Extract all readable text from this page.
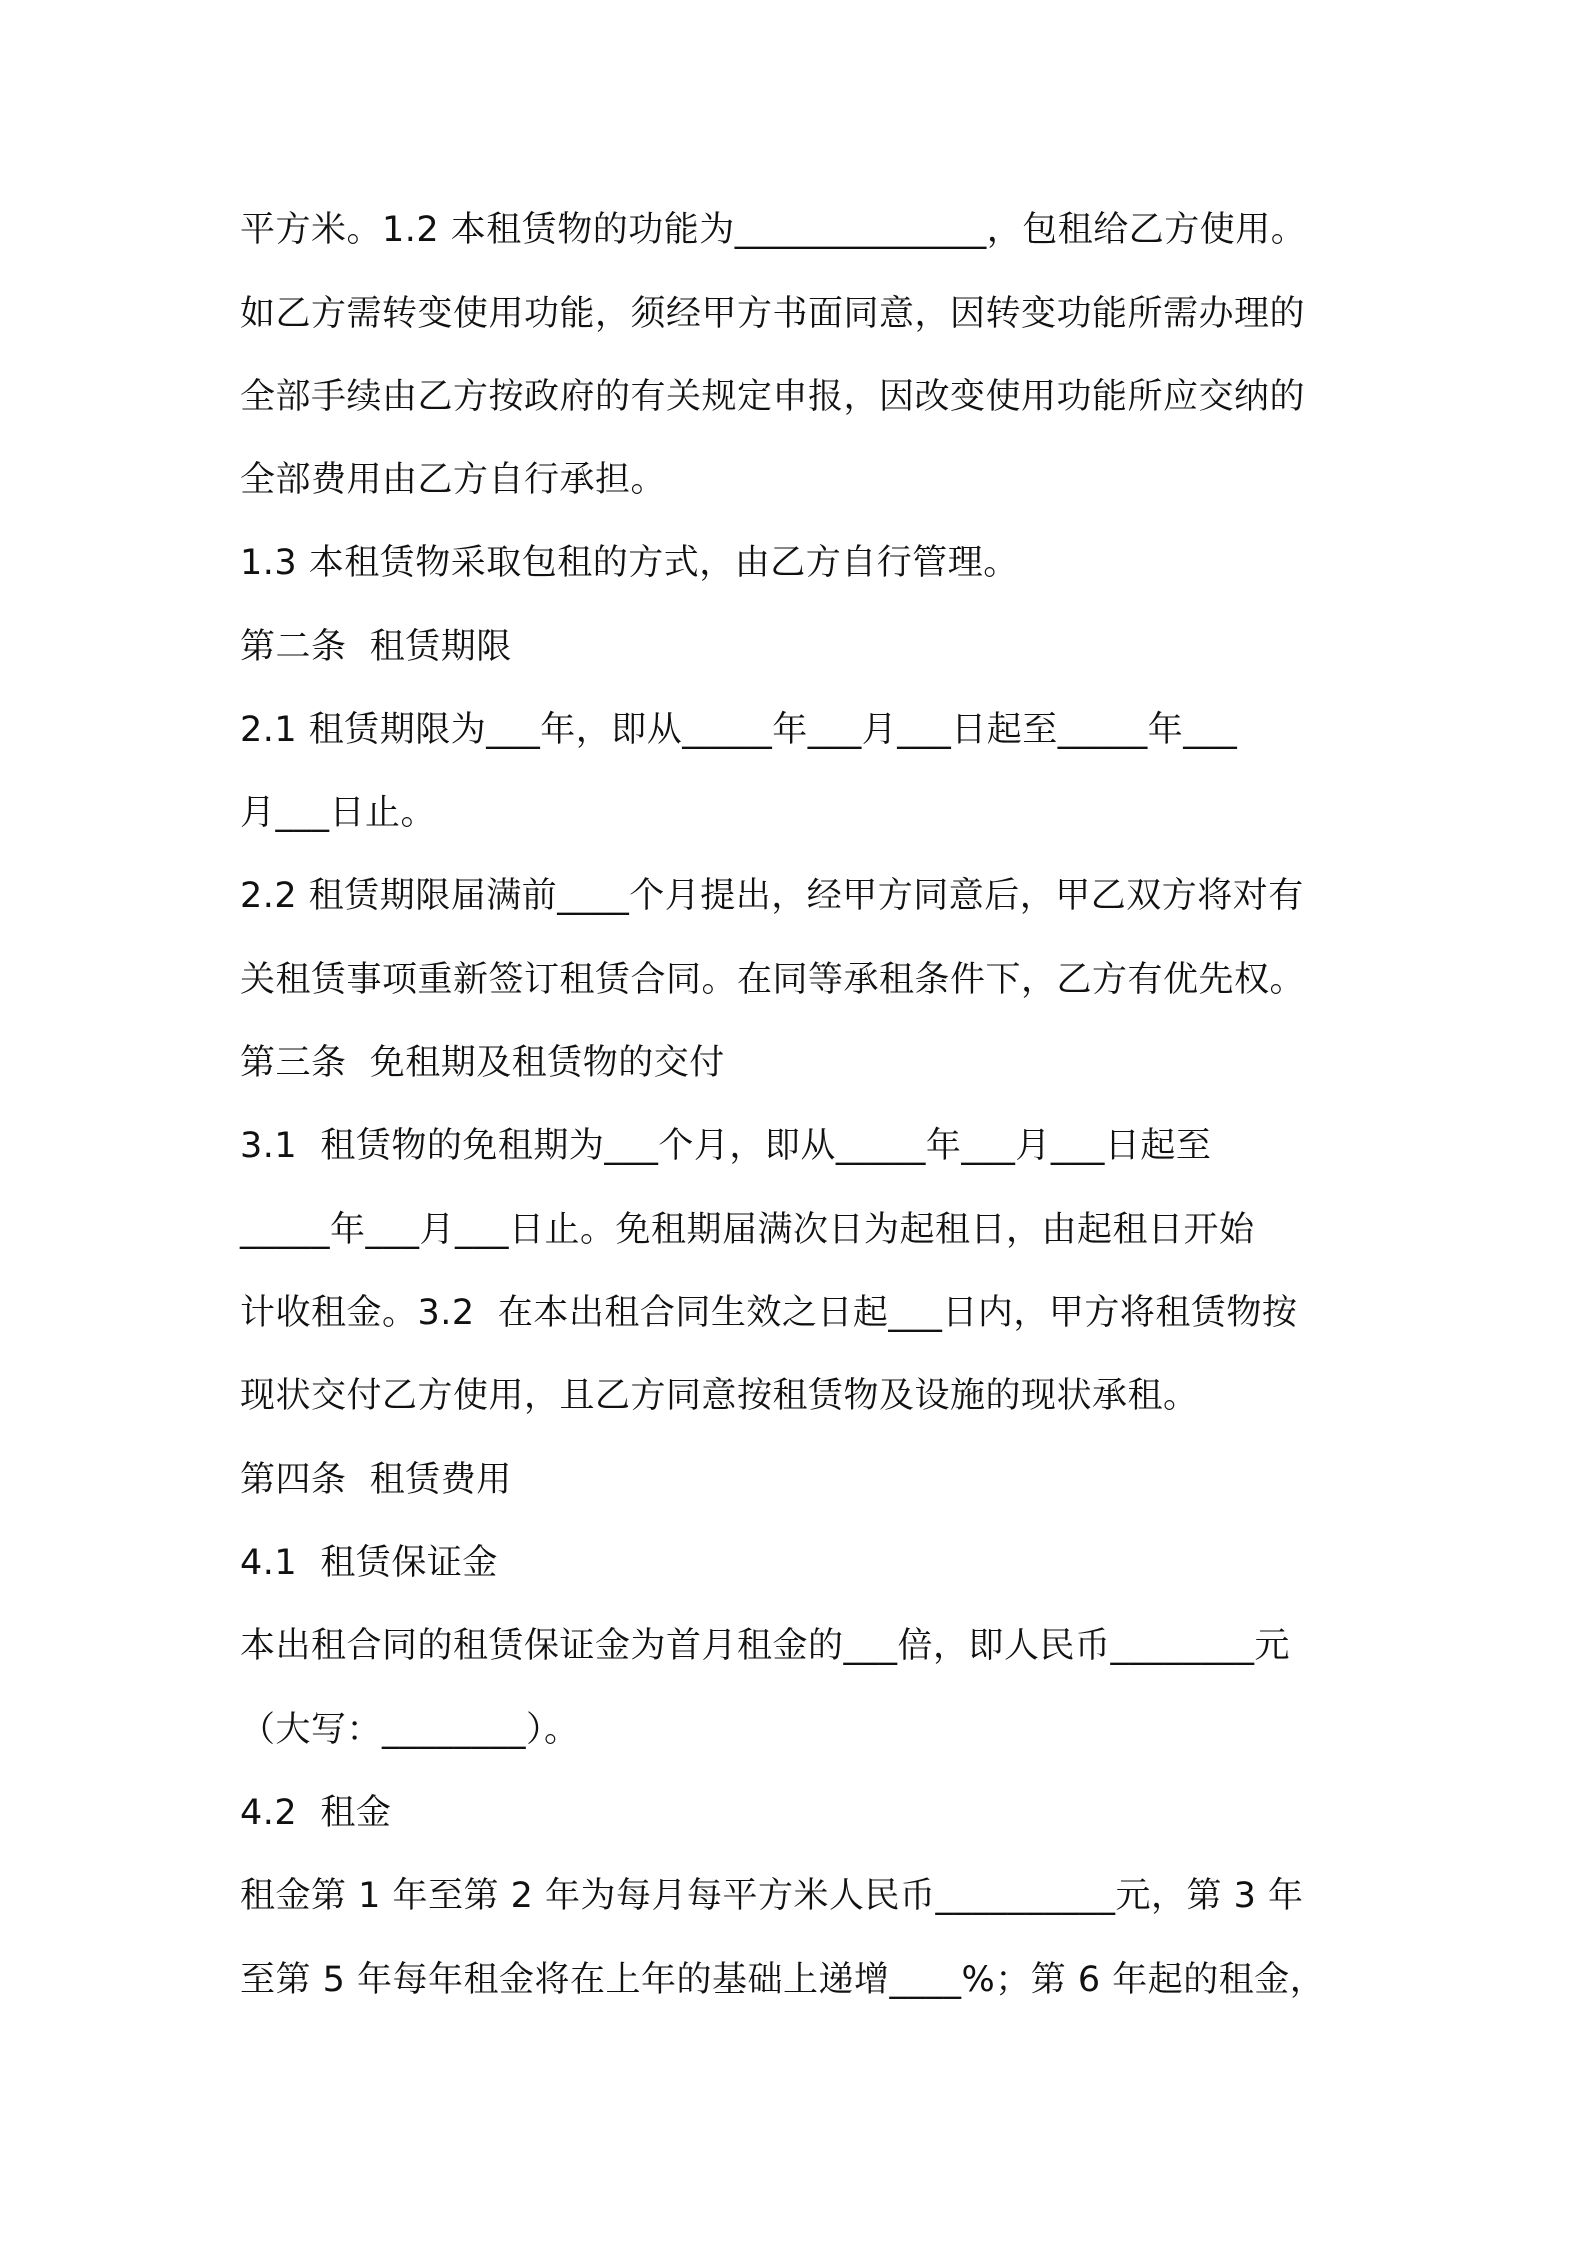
平方米。1.2 本租赁物的功能为______________，包租给乙方使用。
如乙方需转变使用功能，须经甲方书面同意，因转变功能所需办理的
全部手续由乙方按政府的有关规定申报，因改变使用功能所应交纳的
全部费用由乙方自行承担。
1.3 本租赁物采取包租的方式，由乙方自行管理。
第二条  租赁期限
2.1 租赁期限为___年，即从_____年___月___日起至_____年___
月___日止。
2.2 租赁期限届满前____个月提出，经甲方同意后，甲乙双方将对有
关租赁事项重新签订租赁合同。在同等承租条件下，乙方有优先权。
第三条  免租期及租赁物的交付
3.1  租赁物的免租期为___个月，即从_____年___月___日起至
_____年___月___日止。免租期届满次日为起租日，由起租日开始
计收租金。3.2  在本出租合同生效之日起___日内，甲方将租赁物按
现状交付乙方使用，且乙方同意按租赁物及设施的现状承租。
第四条  租赁费用
4.1  租赁保证金
本出租合同的租赁保证金为首月租金的___倍，即人民币________元
（大写：________）。
4.2  租金
租金第 1 年至第 2 年为每月每平方米人民币__________元，第 3 年
至第 5 年每年租金将在上年的基础上递增____%；第 6 年起的租金，
